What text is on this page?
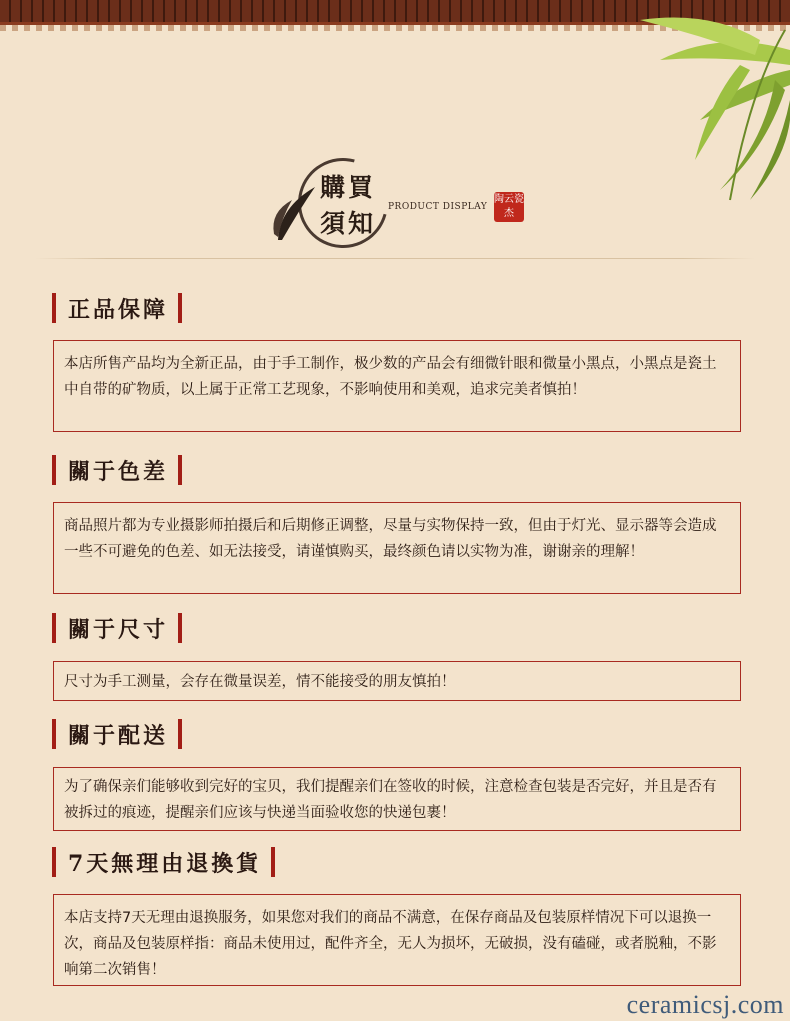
購買
須知
PRODUCT DISPLAY
陶云瓷杰
正品保障
本店所售产品均为全新正品，由于手工制作，极少数的产品会有细微针眼和微量小黑点，小黑点是瓷土中自带的矿物质，以上属于正常工艺现象，不影响使用和美观，追求完美者慎拍！
關于色差
商品照片都为专业摄影师拍摄后和后期修正调整，尽量与实物保持一致，但由于灯光、显示器等会造成一些不可避免的色差、如无法接受，请谨慎购买，最终颜色请以实物为准，谢谢亲的理解！
關于尺寸
尺寸为手工测量，会存在微量误差，情不能接受的朋友慎拍！
關于配送
为了确保亲们能够收到完好的宝贝，我们提醒亲们在签收的时候，注意检查包装是否完好，并且是否有被拆过的痕迹，提醒亲们应该与快递当面验收您的快递包裹！
7天無理由退換貨
本店支持7天无理由退换服务，如果您对我们的商品不满意，在保存商品及包装原样情况下可以退换一次，商品及包装原样指：商品未使用过，配件齐全，无人为损坏，无破损，没有磕碰，或者脱釉，不影响第二次销售！
ceramicsj.com
